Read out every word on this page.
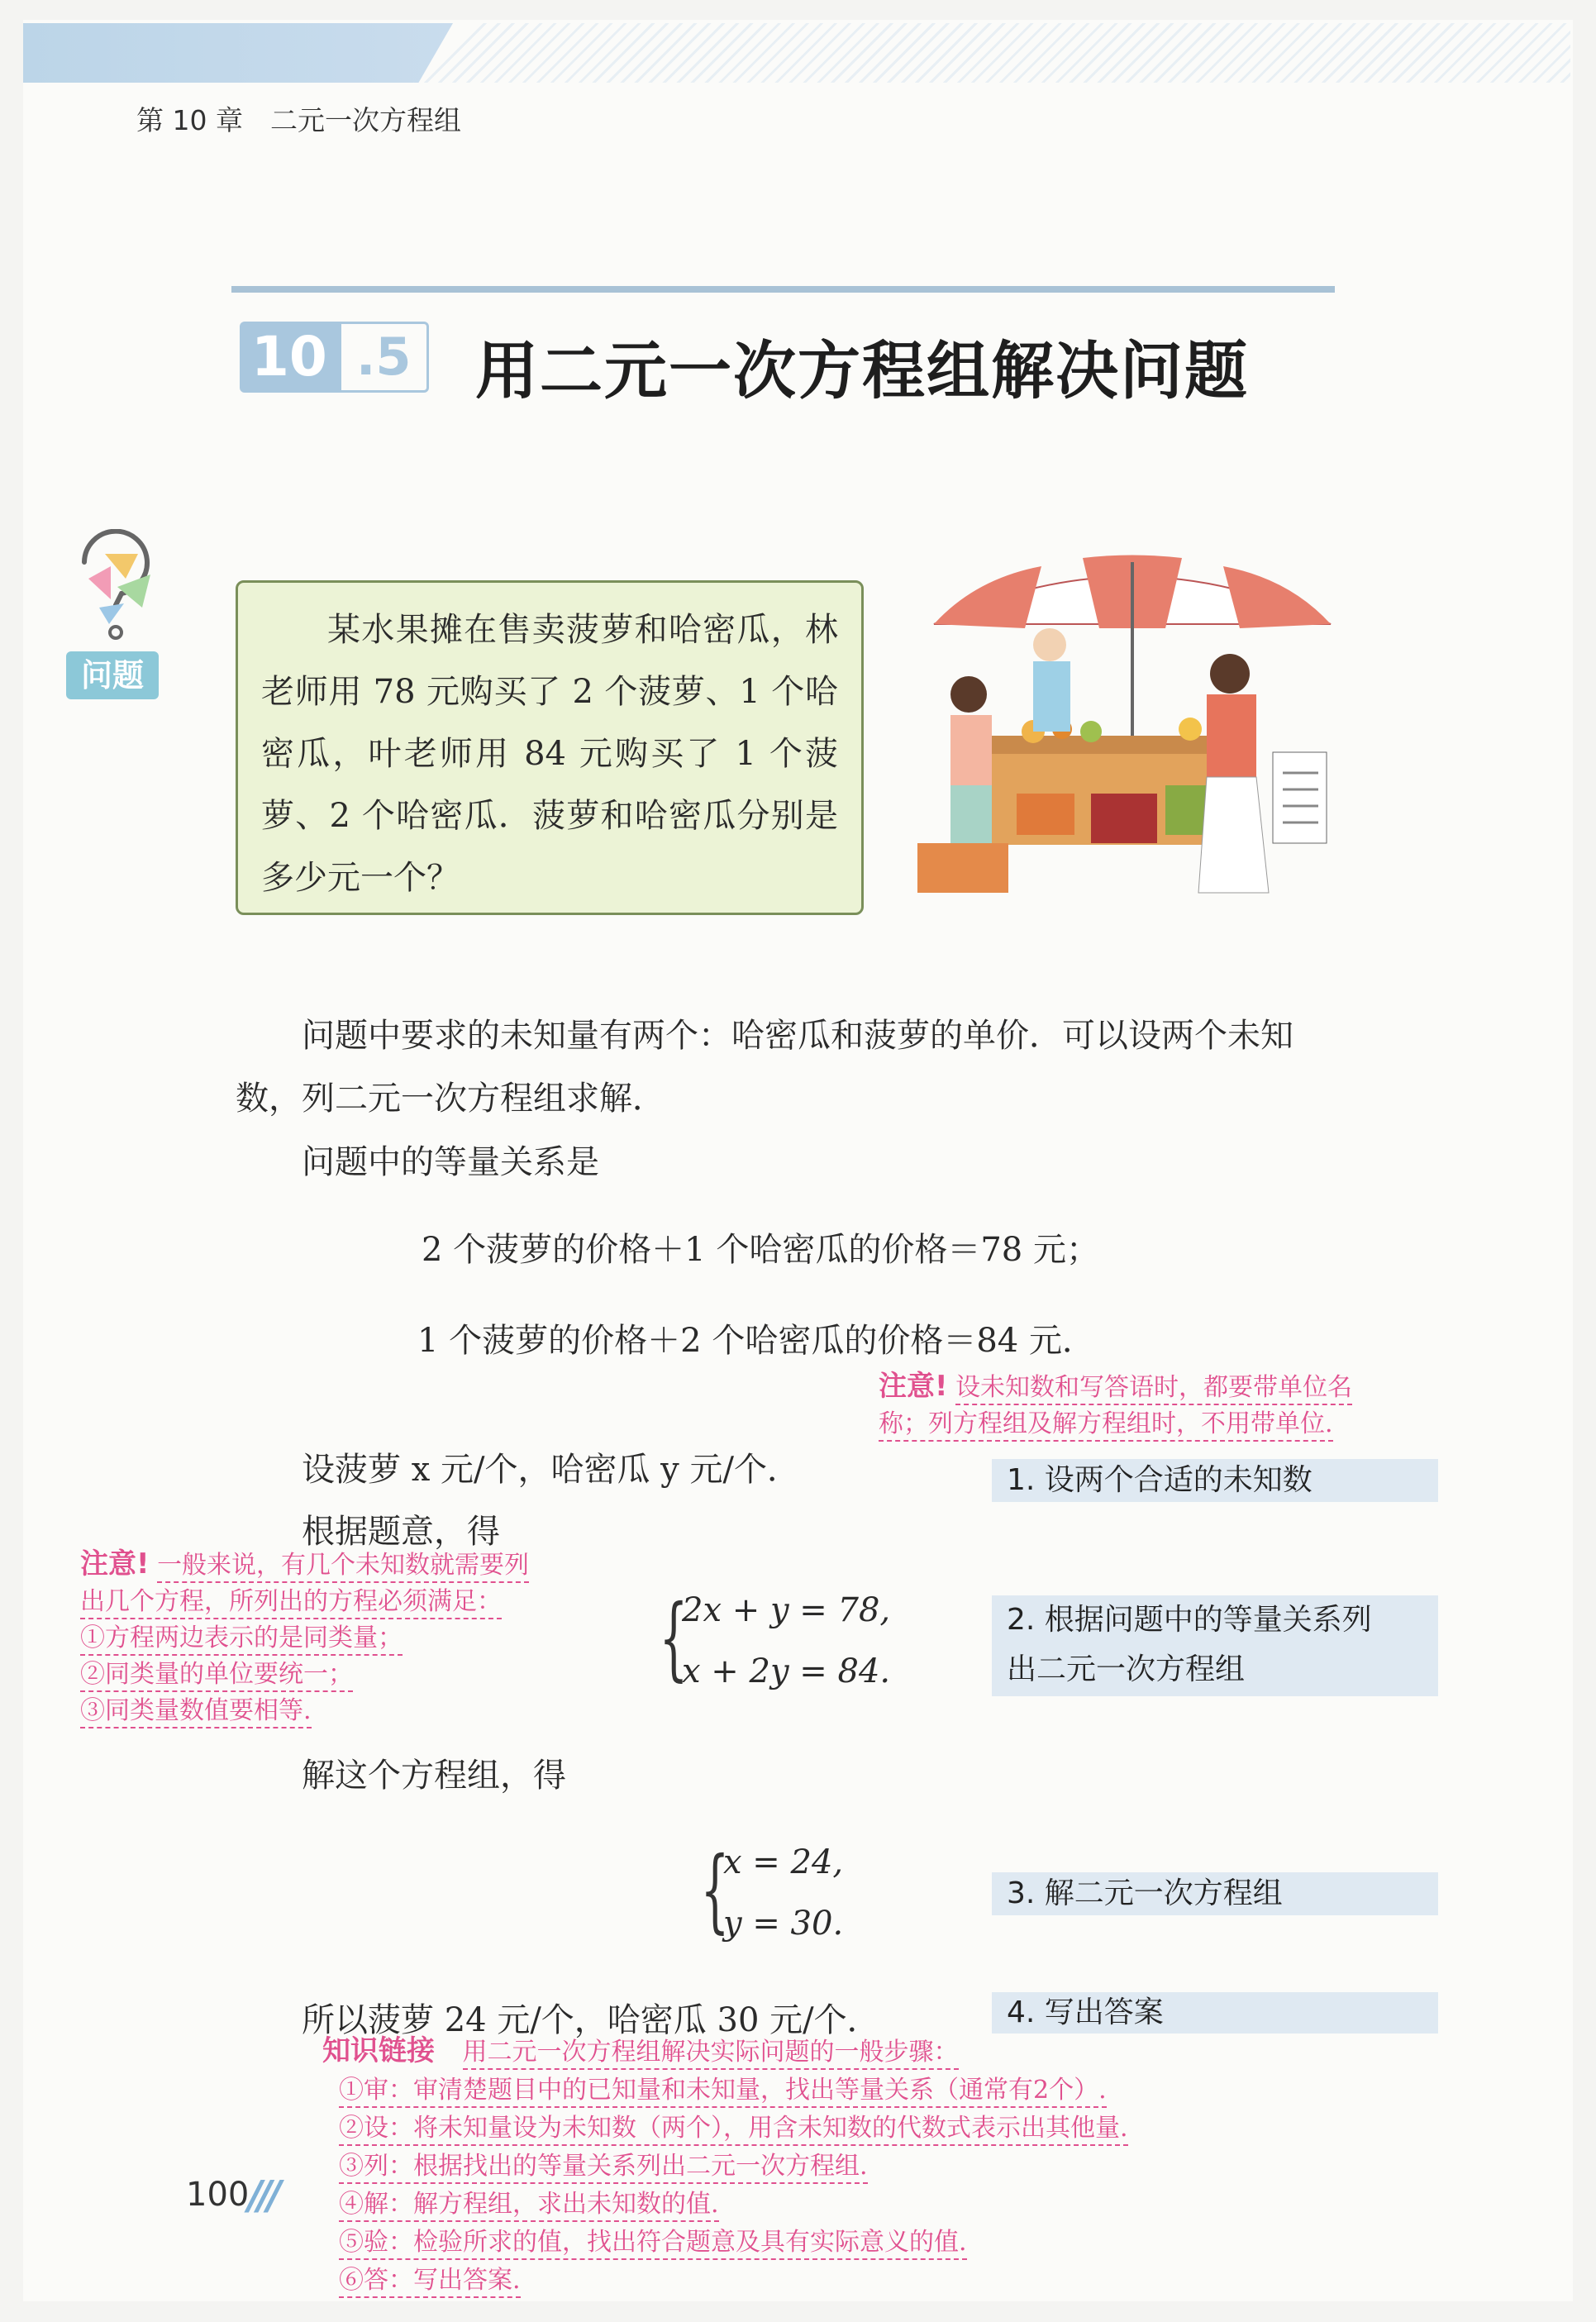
第 10 章　二元一次方程组
10 .5 用二元一次方程组解决问题
问题

某水果摊在售卖菠萝和哈密瓜，林老师用 78 元购买了 2 个菠萝、1 个哈密瓜，叶老师用 84 元购买了 1 个菠萝、2 个哈密瓜．菠萝和哈密瓜分别是多少元一个？

问题中要求的未知量有两个：哈密瓜和菠萝的单价．可以设两个未知数，列二元一次方程组求解．
问题中的等量关系是
2 个菠萝的价格＋1 个哈密瓜的价格＝78 元；
1 个菠萝的价格＋2 个哈密瓜的价格＝84 元．
注意! 设未知数和写答语时，都要带单位名
称；列方程组及解方程组时，不用带单位.
设菠萝 x 元/个，哈密瓜 y 元/个．
根据题意，得
1. 设两个合适的未知数
注意! 一般来说，有几个未知数就需要列
出几个方程，所列出的方程必须满足：
①方程两边表示的是同类量；
②同类量的单位要统一；
③同类量数值要相等.
{
2x + y = 78,
x + 2y = 84.
2. 根据问题中的等量关系列
出二元一次方程组
解这个方程组，得
{
x = 24,
y = 30.
3. 解二元一次方程组
所以菠萝 24 元/个，哈密瓜 30 元/个．	4. 写出答案
知识链接 用二元一次方程组解决实际问题的一般步骤：
①审：审清楚题目中的已知量和未知量，找出等量关系（通常有2个）.
②设：将未知量设为未知数（两个），用含未知数的代数式表示出其他量.
③列：根据找出的等量关系列出二元一次方程组.
④解：解方程组，求出未知数的值.
⑤验：检验所求的值，找出符合题意及具有实际意义的值.
⑥答：写出答案.
100
///
